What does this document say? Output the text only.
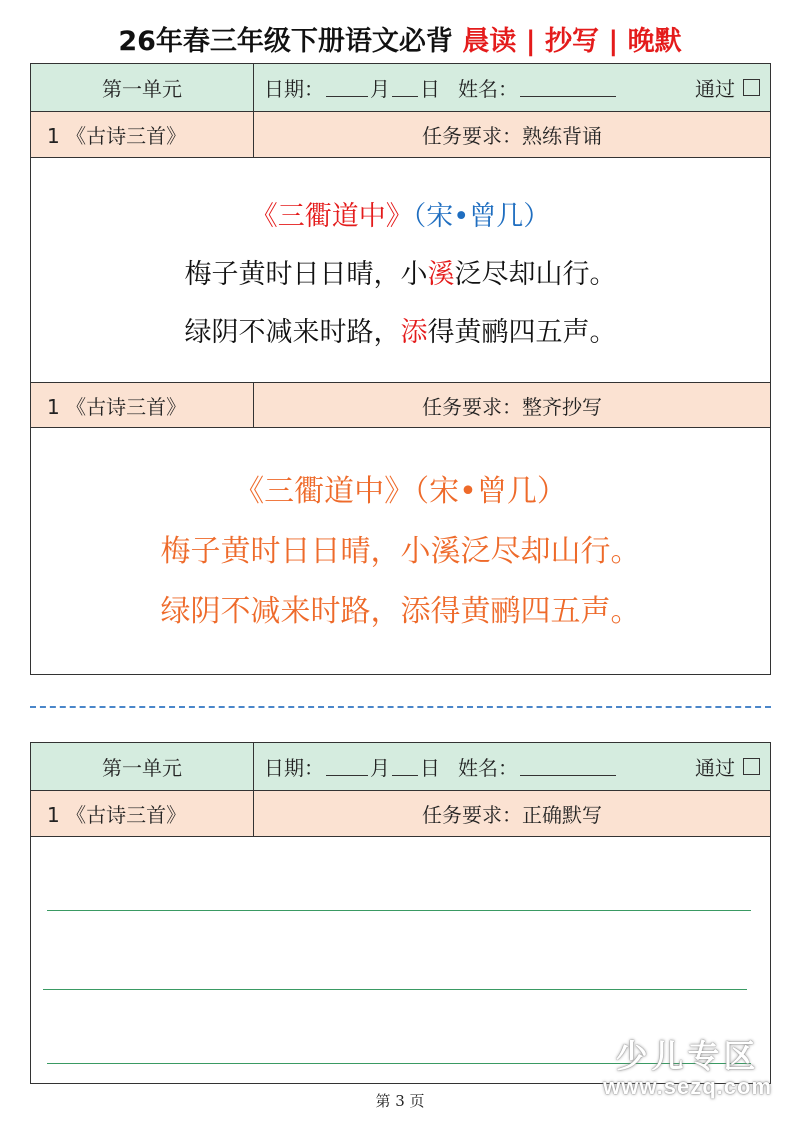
26年春三年级下册语文必背 晨读 | 抄写 | 晚默
第一单元	日期： 月 日 姓名：	通过
1 《古诗三首》	任务要求：熟练背诵
《三衢道中》（宋•曾几）
梅子黄时日日晴，小溪泛尽却山行。
绿阴不减来时路，添得黄鹂四五声。
1 《古诗三首》	任务要求：整齐抄写
《三衢道中》（宋•曾几）
梅子黄时日日晴，小溪泛尽却山行。
绿阴不减来时路，添得黄鹂四五声。
第一单元	日期： 月 日 姓名：	通过
1 《古诗三首》	任务要求：正确默写
第 3 页
少儿专区
www.sezq.com
